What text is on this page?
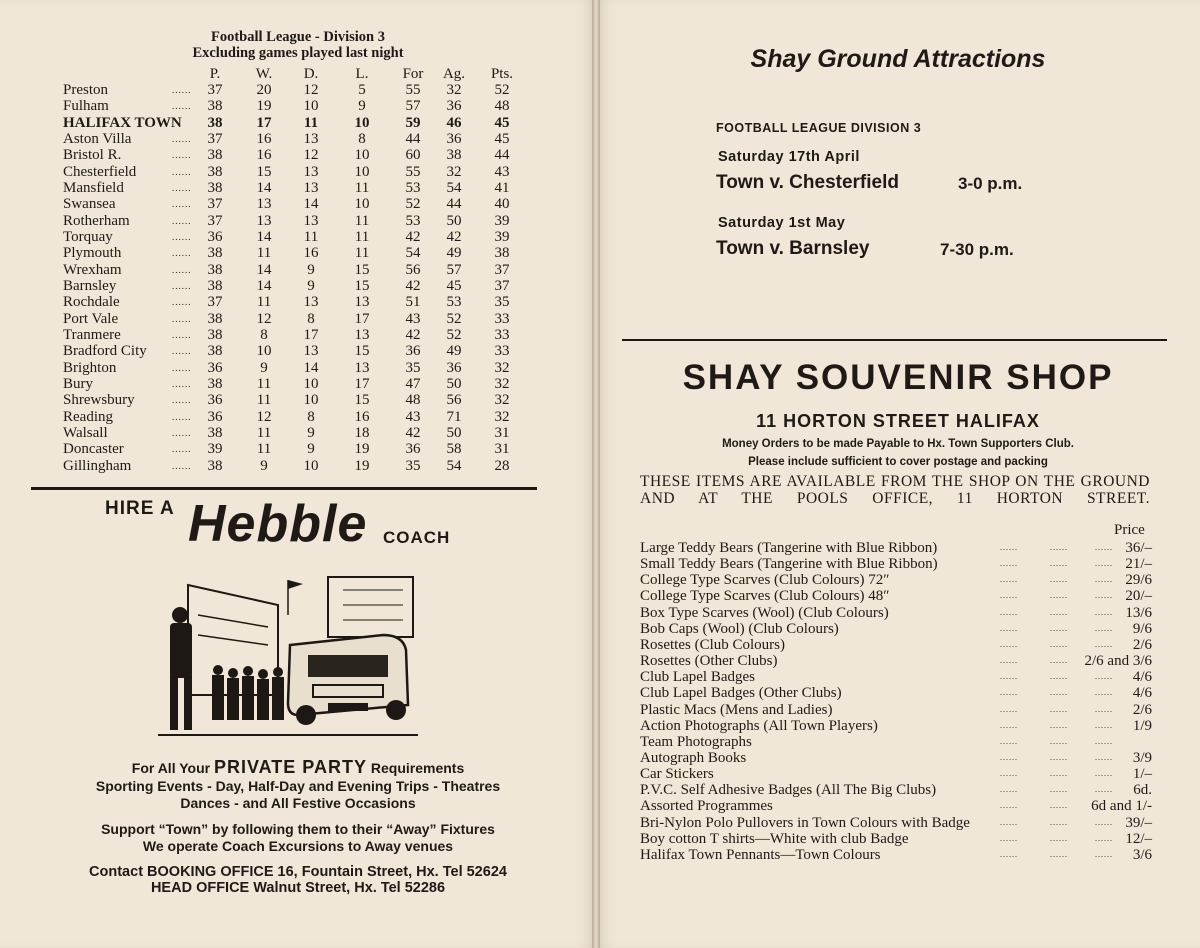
Football League - Division 3
Excluding games played last night
P.	W.	D.	L.	For	Ag.	Pts.
Preston	......	37	20	12	5	55	32	52
Fulham	......	38	19	10	9	57	36	48
HALIFAX TOWN	38	17	11	10	59	46	45
Aston Villa	......	37	16	13	8	44	36	45
Bristol R.	......	38	16	12	10	60	38	44
Chesterfield	......	38	15	13	10	55	32	43
Mansfield	......	38	14	13	11	53	54	41
Swansea	......	37	13	14	10	52	44	40
Rotherham	......	37	13	13	11	53	50	39
Torquay	......	36	14	11	11	42	42	39
Plymouth	......	38	11	16	11	54	49	38
Wrexham	......	38	14	9	15	56	57	37
Barnsley	......	38	14	9	15	42	45	37
Rochdale	......	37	11	13	13	51	53	35
Port Vale	......	38	12	8	17	43	52	33
Tranmere	......	38	8	17	13	42	52	33
Bradford City	......	38	10	13	15	36	49	33
Brighton	......	36	9	14	13	35	36	32
Bury	......	38	11	10	17	47	50	32
Shrewsbury	......	36	11	10	15	48	56	32
Reading	......	36	12	8	16	43	71	32
Walsall	......	38	11	9	18	42	50	31
Doncaster	......	39	11	9	19	36	58	31
Gillingham	......	38	9	10	19	35	54	28
HIRE A Hebble COACH
For All Your PRIVATE PARTY Requirements
Sporting Events - Day, Half-Day and Evening Trips - Theatres
Dances - and All Festive Occasions
Support “Town” by following them to their “Away” Fixtures
We operate Coach Excursions to Away venues
Contact BOOKING OFFICE 16, Fountain Street, Hx. Tel 52624
HEAD OFFICE Walnut Street, Hx. Tel 52286
Shay Ground Attractions
FOOTBALL LEAGUE DIVISION 3
Saturday 17th April
Town v. Chesterfield	3-0 p.m.
Saturday 1st May
Town v. Barnsley	7-30 p.m.
SHAY SOUVENIR SHOP
11 HORTON STREET HALIFAX
Money Orders to be made Payable to Hx. Town Supporters Club.
Please include sufficient to cover postage and packing
THESE ITEMS ARE AVAILABLE FROM THE SHOP ON THE GROUND AND AT THE POOLS OFFICE, 11 HORTON STREET.
Price
Large Teddy Bears (Tangerine with Blue Ribbon)	......	......	...... 36/–
Small Teddy Bears (Tangerine with Blue Ribbon)	......	......	...... 21/–
College Type Scarves (Club Colours) 72″	......	......	...... 29/6
College Type Scarves (Club Colours) 48″	......	......	...... 20/–
Box Type Scarves (Wool) (Club Colours)	......	......	...... 13/6
Bob Caps (Wool) (Club Colours)	......	......	...... 9/6
Rosettes (Club Colours)	......	......	...... 2/6
Rosettes (Other Clubs)	......	...... 2/6 and 3/6
Club Lapel Badges	......	......	...... 4/6
Club Lapel Badges (Other Clubs)	......	......	...... 4/6
Plastic Macs (Mens and Ladies)	......	......	...... 2/6
Action Photographs (All Town Players)	......	......	...... 1/9
Team Photographs	......	......	......
Autograph Books	......	......	...... 3/9
Car Stickers	......	......	...... 1/–
P.V.C. Self Adhesive Badges (All The Big Clubs)	......	......	...... 6d.
Assorted Programmes	......	...... 6d and 1/-
Bri-Nylon Polo Pullovers in Town Colours with Badge	......	......	...... 39/–
Boy cotton T shirts—White with club Badge	......	......	...... 12/–
Halifax Town Pennants—Town Colours	......	......	...... 3/6
